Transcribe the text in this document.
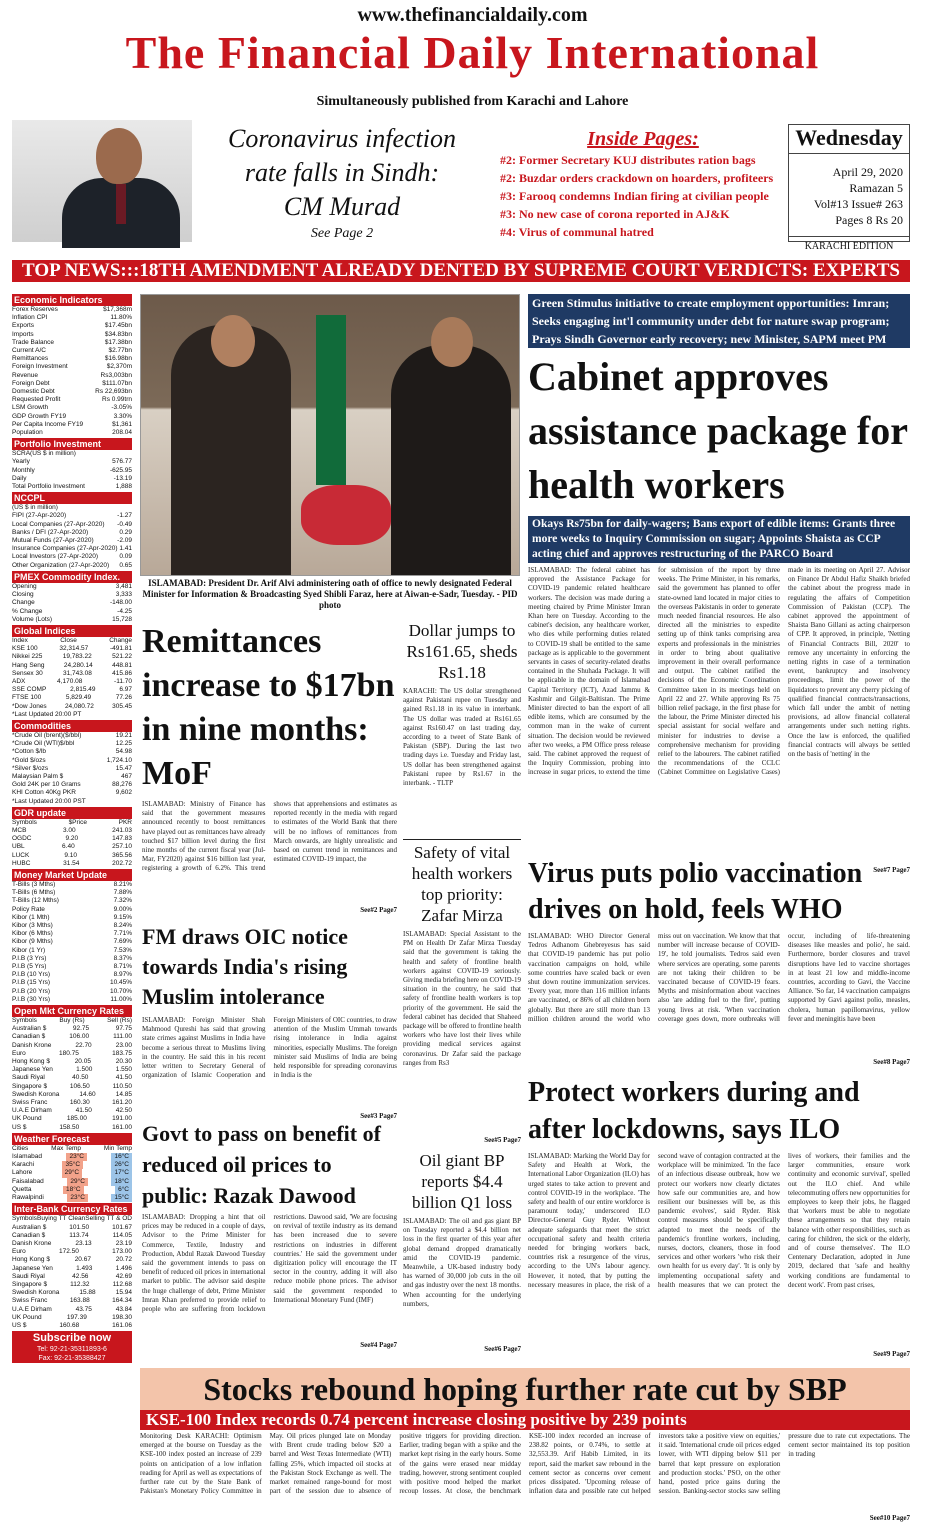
www.thefinancialdaily.com
The Financial Daily International
Simultaneously published from Karachi and Lahore
Coronavirus infection
rate falls in Sindh:
CM Murad
See Page 2
Inside Pages:
#2: Former Secretary KUJ distributes ration bags
#2: Buzdar orders crackdown on hoarders, profiteers
#3: Farooq condemns Indian firing at civilian people
#3: No new case of corona reported in AJ&K
#4: Virus of communal hatred
Wednesday

April 29, 2020

Ramazan 5

Vol#13 Issue# 263

Pages 8 Rs 20

KARACHI EDITION
TOP NEWS:::18TH AMENDMENT ALREADY DENTED BY SUPREME COURT VERDICTS: EXPERTS
Economic Indicators
Forex Reserves	$17,368m
Inflation CPI	11.80%
Exports	$17.45bn
Imports	$34.83bn
Trade Balance	$17.38bn
Current A/C	$2.77bn
Remittances	$16.98bn
Foreign Investment	$2,370m
Revenue	Rs3,003bn
Foreign Debt	$111.07bn
Domestic Debt	Rs 22,693bn
Requested Profit	Rs 0.99trn
LSM Growth	-3.05%
GDP Growth FY19	3.30%
Per Capita Income FY19	$1,361
Population	208.04
Portfolio Investment
SCRA(US $ in million)
Yearly	576.77
Monthly	-625.95
Daily	-13.19
Total Portfolio Investment	1,888
NCCPL
(US $ in million)
FIPI (27-Apr-2020)	-1.27
Local Companies (27-Apr-2020) -0.49
Banks / DFI (27-Apr-2020)	0.29
Mutual Funds (27-Apr-2020)	-2.09
Insurance Companies (27-Apr-2020) 1.41
Local Investors (27-Apr-2020)	0.09
Other Organization (27-Apr-2020) 0.65
PMEX Commodity Index.
Opening	3,481
Closing	3,333
Change	-148.00
% Change	-4.25
Volume (Lots)	15,728
Global Indices
Index	Close	Change
KSE 100	32,314.57	-491.81
Nikkei 225	19,783.22	521.22
Hang Seng	24,280.14	448.81
Sensex 30	31,743.08	415.86
ADX	4,170.08	-11.70
SSE COMP	2,815.49	6.97
FTSE 100	5,829.49	77.26
*Dow Jones	24,080.72	305.45
*Last Updated 20:00 PT
Commodities
*Crude Oil (brent)($/bbl)	19.21
*Crude Oil (WTI)$/bbl	12.25
*Cotton $/lb	54.98
*Gold $/ozs	1,724.10
*Silver $/ozs	15.47
Malaysian Palm $	467
Gold 24K per 10 Grams	88,276
KHI Cotton 40Kg PKR	9,602
*Last Updated 20:00 PST
GDR update
Symbols	$Price	PKR
MCB	3.00	241.03
OGDC	9.20	147.83
UBL	6.40	257.10
LUCK	9.10	365.56
HUBC	31.54	202.72
Money Market Update
T-Bills (3 Mths)	8.21%
T-Bills (6 Mths)	7.88%
T-Bills (12 Mths)	7.32%
Policy Rate	9.00%
Kibor (1 Mth)	9.15%
Kibor (3 Mths)	8.24%
Kibor (6 Mths)	7.71%
Kibor (9 Mths)	7.69%
Kibor (1 Yr)	7.53%
P.I.B (3 Yrs)	8.37%
P.I.B (5 Yrs)	8.71%
P.I.B (10 Yrs)	8.97%
P.I.B (15 Yrs)	10.45%
P.I.B (20 Yrs)	10.70%
P.I.B (30 Yrs)	11.00%
Open Mkt Currency Rates
Symbols	Buy (Rs)	Sell (Rs)
Australian $	92.75	97.75
Canadian $	106.00	111.00
Danish Krone	22.70	23.00
Euro	180.75	183.75
Hong Kong $	20.05	20.30
Japanese Yen	1.500	1.550
Saudi Riyal	40.50	41.50
Singapore $	106.50	110.50
Swedish Korona	14.60	14.85
Swiss Franc	160.30	161.20
U.A.E Dirham	41.50	42.50
UK Pound	185.00	191.00
US $	158.50	161.00
Weather Forecast
Cities	Max Temp	Min Temp
Islamabad	23°C	16°C
Karachi	35°C	26°C
Lahore	29°C	17°C
Faisalabad	29°C	18°C
Quetta	18°C	6°C
Rawalpindi	23°C	15°C
Inter-Bank Currency Rates
Symbols Buying TT Clean Selling TT & OD
Australian $	101.50	101.67
Canadian $	113.74	114.05
Danish Krone	23.13	23.19
Euro	172.50	173.00
Hong Kong $	20.67	20.72
Japanese Yen	1.493	1.496
Saudi Riyal	42.56	42.69
Singapore $	112.32	112.68
Swedish Korona	15.88	15.94
Swiss Franc	163.88	164.34
U.A.E Dirham	43.75	43.84
UK Pound	197.39	198.30
US $	160.68	161.06
Subscribe now
Tel: 92-21-35311893-6
Fax: 92-21-35388427
ISLAMABAD: President Dr. Arif Alvi administering oath of office to newly designated Federal Minister for Information & Broadcasting Syed Shibli Faraz, here at Aiwan-e-Sadr, Tuesday. - PID photo
Green Stimulus initiative to create employment opportunities: Imran;
Seeks engaging int'l community under debt for nature swap program;
Prays Sindh Governor early recovery; new Minister, SAPM meet PM
Cabinet approves assistance package for health workers
Okays Rs75bn for daily-wagers; Bans export of edible items: Grants three more weeks to Inquiry Commission on sugar; Appoints Shaista as CCP acting chief and approves restructuring of the PARCO Board
ISLAMABAD: The federal cabinet has approved the Assistance Package for COVID-19 pandemic related healthcare workers. The decision was made during a meeting chaired by Prime Minister Imran Khan here on Tuesday. According to the cabinet's decision, any healthcare worker, who dies while performing duties related to COVID-19 shall be entitled to the same package as is applicable to the government servants in cases of security-related deaths contained in the Shuhada Package. It will be applicable in the domain of Islamabad Capital Territory (ICT), Azad Jammu & Kashmir and Gilgit-Baltistan. The Prime Minister directed to ban the export of all edible items, which are consumed by the common man in the wake of current situation. The decision would be reviewed after two weeks, a PM Office press release said. The cabinet approved the request of the Inquiry Commission, probing into increase in sugar prices, to extend the time for submission of the report by three weeks. The Prime Minister, in his remarks, said the government has planned to offer state-owned land located in major cities to the overseas Pakistanis in order to generate much needed financial resources. He also directed all the ministries to expedite setting up of think tanks comprising area experts and professionals in the ministries in order to bring about qualitative improvement in their overall performance and output. The cabinet ratified the decisions of the Economic Coordination Committee taken in its meetings held on April 22 and 27. While approving Rs 75 billion relief package, in the first phase for the labour, the Prime Minister directed his special assistant for social welfare and minister for industries to devise a comprehensive mechanism for providing relief to the labourers. The cabinet ratified the recommendations of the CCLC (Cabinet Committee on Legislative Cases) made in its meeting on April 27. Advisor on Finance Dr Abdul Hafiz Shaikh briefed the cabinet about the progress made in regulating the affairs of Competition Commission of Pakistan (CCP). The cabinet approved the appointment of Shaista Bano Gillani as acting chairperson of CPP. It approved, in principle, 'Netting of Financial Contracts Bill, 2020' to remove any uncertainty in enforcing the netting rights in case of a termination event, bankruptcy and insolvency proceedings, limit the power of the liquidators to prevent any cherry picking of qualified financial contracts/transactions, which fall under the ambit of netting provisions, ad allow financial collateral arrangements under such netting rights. Once the law is enforced, the qualified financial contracts will always be settled on the basis of 'netting' in the
See#7 Page7
Remittances increase to $17bn in nine months: MoF
ISLAMABAD: Ministry of Finance has said that the government measures announced recently to boost remittances have played out as remittances have already touched $17 billion level during the first nine months of the current fiscal year (Jul-Mar, FY2020) against $16 billion last year, registering a growth of 6.2%. This trend shows that apprehensions and estimates as reported recently in the media with regard to estimates of the World Bank that there will be no inflows of remittances from March onwards, are highly unrealistic and based on current trend in remittances and estimated COVID-19 impact, the
See#2 Page7
Dollar jumps to Rs161.65, sheds Rs1.18
KARACHI: The US dollar strengthened against Pakistani rupee on Tuesday and gained Rs1.18 in its value in interbank. The US dollar was traded at Rs161.65 against Rs160.47 on last trading day, according to a tweet of State Bank of Pakistan (SBP). During the last two trading days i.e. Tuesday and Friday last, US dollar has been strengthened against Pakistani rupee by Rs1.67 in the interbank. - TLTP
Safety of vital health workers top priority: Zafar Mirza
ISLAMABAD: Special Assistant to the PM on Health Dr Zafar Mirza Tuesday said that the government is taking the health and safety of frontline health workers against COVID-19 seriously. Giving media briefing here on COVID-19 situation in the country, he said that safety of frontline health workers is top priority of the government. He said the federal cabinet has decided that Shaheed package will be offered to frontline health workers who have lost their lives while providing medical services against coronavirus. Dr Zafar said the package ranges from Rs3
See#5 Page7
FM draws OIC notice towards India's rising Muslim intolerance
ISLAMABAD: Foreign Minister Shah Mahmood Qureshi has said that growing state crimes against Muslims in India have become a serious threat to Muslims living in the country. He said this in his recent letter written to Secretary General of organization of Islamic Cooperation and Foreign Ministers of OIC countries, to draw attention of the Muslim Ummah towards rising intolerance in India against minorities, especially Muslims. The foreign minister said Muslims of India are being held responsible for spreading coronavirus in India is the
See#3 Page7
Govt to pass on benefit of reduced oil prices to public: Razak Dawood
ISLAMABAD: Dropping a hint that oil prices may be reduced in a couple of days, Advisor to the Prime Minister for Commerce, Textile, Industry and Production, Abdul Razak Dawood Tuesday said the government intends to pass on benefit of reduced oil prices in international market to public. The advisor said despite the huge challenge of debt, Prime Minister Imran Khan preferred to provide relief to people who are suffering from lockdown restrictions. Dawood said, 'We are focusing on revival of textile industry as its demand has been increased due to severe restrictions on industries in different countries.' He said the government under digitization policy will encourage the IT sector in the country, adding it will also reduce mobile phone prices. The advisor said the government responded to International Monetary Fund (IMF)
See#4 Page7
Oil giant BP reports $4.4 billion Q1 loss
ISLAMABAD: The oil and gas giant BP on Tuesday reported a $4.4 billion net loss in the first quarter of this year after global demand dropped dramatically amid the COVID-19 pandemic. Meanwhile, a UK-based industry body has warned of 30,000 job cuts in the oil and gas industry over the next 18 months. When accounting for the underlying numbers,
See#6 Page7
Virus puts polio vaccination drives on hold, feels WHO
ISLAMABAD: WHO Director General Tedros Adhanom Ghebreyesus has said that COVID-19 pandemic has put polio vaccination campaigns on hold, while some countries have scaled back or even shut down routine immunization services. 'Every year, more than 116 million infants are vaccinated, or 86% of all children born globally. But there are still more than 13 million children around the world who miss out on vaccination. We know that that number will increase because of COVID-19', he told journalists. Tedros said even where services are operating, some parents are not taking their children to be vaccinated because of COVID-19 fears. Myths and misinformation about vaccines also 'are adding fuel to the fire', putting young lives at risk. 'When vaccination coverage goes down, more outbreaks will occur, including of life-threatening diseases like measles and polio', he said. Furthermore, border closures and travel disruptions have led to vaccine shortages in at least 21 low and middle-income countries, according to Gavi, the Vaccine Alliance. 'So far, 14 vaccination campaigns supported by Gavi against polio, measles, cholera, human papillomavirus, yellow fever and meningitis have been
See#8 Page7
Protect workers during and after lockdowns, says ILO
ISLAMABAD: Marking the World Day for Safety and Health at Work, the International Labor Organization (ILO) has urged states to take action to prevent and control COVID-19 in the workplace. 'The safety and health of our entire workforce is paramount today,' underscored ILO Director-General Guy Ryder. Without adequate safeguards that meet the strict occupational safety and health criteria needed for bringing workers back, countries risk a resurgence of the virus, according to the UN's labour agency. However, it noted, that by putting the necessary measures in place, the risk of a second wave of contagion contracted at the workplace will be minimized. 'In the face of an infectious disease outbreak, how we protect our workers now clearly dictates how safe our communities are, and how resilient our businesses will be, as this pandemic evolves', said Ryder. Risk control measures should be specifically adapted to meet the needs of the pandemic's frontline workers, including, nurses, doctors, cleaners, those in food services and other workers 'who risk their own health for us every day'. 'It is only by implementing occupational safety and health measures that we can protect the lives of workers, their families and the larger communities, ensure work continuity and economic survival', spelled out the ILO chief. And while telecommuting offers new opportunities for employees to keep their jobs, he flagged that 'workers must be able to negotiate these arrangements so that they retain balance with other responsibilities, such as caring for children, the sick or the elderly, and of course themselves'. The ILO Centenary Declaration, adopted in June 2019, declared that 'safe and healthy working conditions are fundamental to decent work'. From past crises,
See#9 Page7
Stocks rebound hoping further rate cut by SBP
KSE-100 Index records 0.74 percent increase closing positive by 239 points
Monitoring Desk KARACHI: Optimism emerged at the bourse on Tuesday as the KSE-100 index posted an increase of 239 points on anticipation of a low inflation reading for April as well as expectations of further rate cut by the State Bank of Pakistan's Monetary Policy Committee in May. Oil prices plunged late on Monday with Brent crude trading below $20 a barrel and West Texas Intermediate (WTI) falling 25%, which impacted oil stocks at the Pakistan Stock Exchange as well. The market remained range-bound for most part of the session due to absence of positive triggers for providing direction. Earlier, trading began with a spike and the market kept rising in the early hours. Some of the gains were erased near midday trading, however, strong sentiment coupled with positive mood helped the market recoup losses. At close, the benchmark KSE-100 index recorded an increase of 238.82 points, or 0.74%, to settle at 32,553.39. Arif Habib Limited, in its report, said the market saw rebound in the cement sector as concerns over cement prices dissipated. 'Upcoming release of inflation data and possible rate cut helped investors take a positive view on equities,' it said. 'International crude oil prices edged lower, with WTI dipping below $11 per barrel that kept pressure on exploration and production stocks.' PSO, on the other hand, posted price gains during the session. Banking-sector stocks saw selling pressure due to rate cut expectations. The cement sector maintained its top position in trading
See#10 Page7
